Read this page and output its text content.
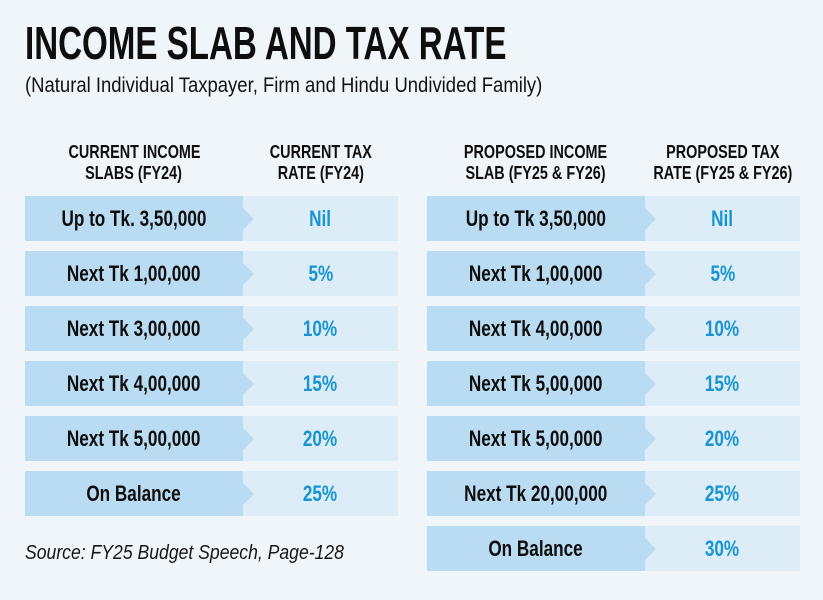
INCOME SLAB AND TAX RATE
(Natural Individual Taxpayer, Firm and Hindu Undivided Family)
CURRENT INCOME
SLABS (FY24)
CURRENT TAX
RATE (FY24)
Up to Tk. 3,50,000	Nil
Next Tk 1,00,000	5%
Next Tk 3,00,000	10%
Next Tk 4,00,000	15%
Next Tk 5,00,000	20%
On Balance	25%
Source: FY25 Budget Speech, Page-128
PROPOSED INCOME
SLAB (FY25 & FY26)
PROPOSED TAX
RATE (FY25 & FY26)
Up to Tk 3,50,000	Nil
Next Tk 1,00,000	5%
Next Tk 4,00,000	10%
Next Tk 5,00,000	15%
Next Tk 5,00,000	20%
Next Tk 20,00,000	25%
On Balance	30%
